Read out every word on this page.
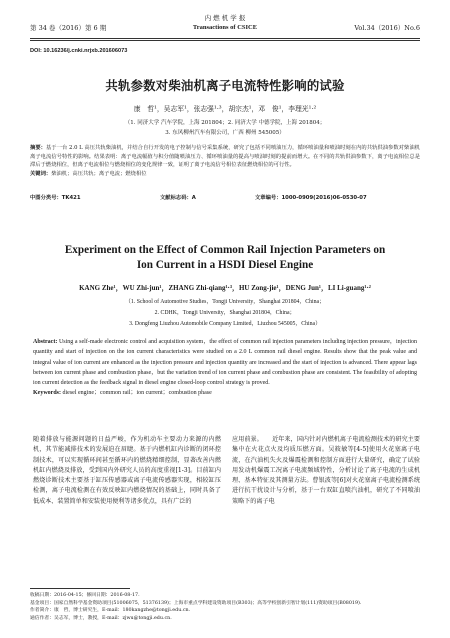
第 34 卷（2016）第 6 期
内 燃 机 学 报
Transactions of CSICE	Vol.34（2016）No.6
DOI: 10.16236/j.cnki.nrjxb.201606073
共轨参数对柴油机离子电流特性影响的试验
康　哲¹，吴志军¹，张志强¹·³，胡宗杰¹，邓　俊¹，李理光¹·²
（1. 同济大学 汽车学院，上海 201804；2. 同济大学 中德学院，上海 201804；
3. 东风柳州汽车有限公司，广西 柳州 545005）
摘要：基于一台 2.0 L 高压共轨柴油机，并结合自行开发的电子控制与信号采集系统，研究了包括不同喷油压力，循环喷油量和喷油时刻在内的共轨供油参数对柴油机离子电流信号特性的影响。结果表明：离子电流幅值与积分值随喷油压力、循环喷油量的提高与喷油时刻的提前而增大。在不同的共轨供油参数下，离子电流相位总是滞后于燃烧相位，但离子电流相位与燃烧相位的变化规律一致，证明了离子电流信号相位表征燃烧相位的可行性。
关键词：柴油机；高压共轨；离子电流；燃烧相位
中图分类号：TK421	文献标志码：A	文章编号：1000-0909(2016)06-0530-07
Experiment on the Effect of Common Rail Injection Parameters on
Ion Current in a HSDI Diesel Engine
KANG Zhe¹，WU Zhi-jun¹，ZHANG Zhi-qiang¹·³，HU Zong-jie¹，DENG Jun¹，LI Li-guang¹·²
（1. School of Automotive Studies，Tongji University，Shanghai 201804，China；
2. CDHK，Tongji University，Shanghai 201804，China；
3. Dongfeng Liuzhou Automobile Company Limited，Liuzhou 545005，China）
Abstract: Using a self-made electronic control and acquisition system，the effect of common rail injection parameters including injection pressure，injection quantity and start of injection on the ion current characteristics were studied on a 2.0 L common rail diesel engine. Results show that the peak value and integral value of ion current are enhanced as the injection pressure and injection quantity are increased and the start of injection is advanced. There appear lags between ion current phase and combustion phase，but the variation trend of ion current phase and combustion phase are consistent. The feasibility of adopting ion current detection as the feedback signal in diesel engine closed-loop control strategy is proved.
Keywords: diesel engine；common rail；ion current；combustion phase
随着排放与能源问题的日益严峻，作为机动车主要动力来源的内燃机，其节能减排技术的发展迫在眉睫。基于内燃机缸内诊断的闭环控制技术，可以实现循环间甚至循环内的燃烧精细控制，显著改善内燃机缸内燃烧及排放，受到国内外研究人员的高度重视[1-3]。目前缸内燃烧诊断技术主要基于缸压传感器或离子电流传感器实现，相较缸压检测，离子电流检测在有效反映缸内燃烧情况的基础上，同时具备了低成本、装置简单和安装使用便利等诸多优点，具有广泛的
应用前景。　　近年来，国内针对内燃机离子电流检测技术的研究主要集中在火花点火及均质压燃方面。吴筱敏等[4-5]使用火花塞离子电流，在汽油机失火及爆震检测和控制方面进行大量研究，确定了试验用发动机爆震工况离子电流频域特性，分析讨论了离子电流的生成机理、基本特征及其测量方法。曹银波等[6]对火花塞离子电流检测系统进行抗干扰设计与分析，基于一台双缸直喷汽油机，研究了不同喷油策略下的离子电
收稿日期：2016-04-15；修回日期：2016-08-17.
基金项目：国家自然科学基金资助项目(51006075，51376139)；上海市重点学科建设资助项目(B303)；高等学校创新引智计划(111)资助项目(B08019).
作者简介：康　哲，博士研究生，E-mail：180kangzhe@tongji.edu.cn.
通信作者：吴志军，博士，教授，E-mail：zjwu@tongji.edu.cn.
